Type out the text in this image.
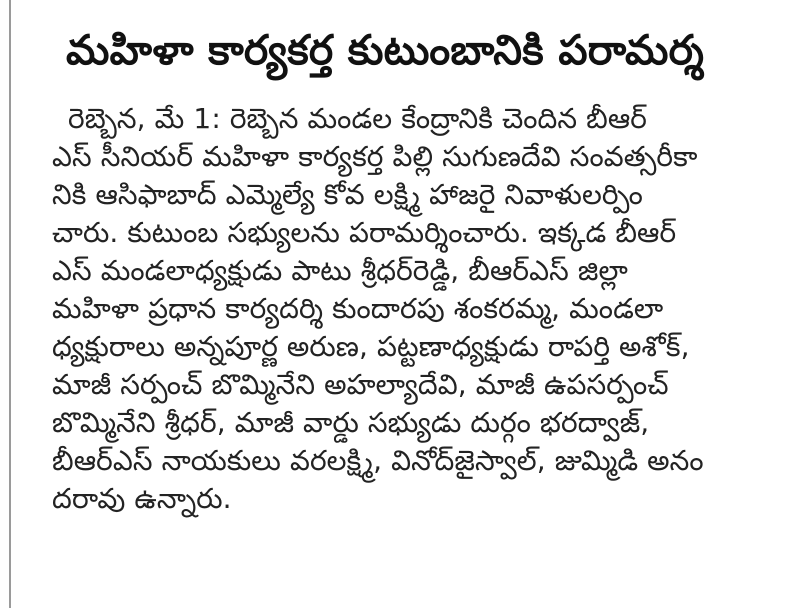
మహిళా కార్యకర్త కుటుంబానికి పరామర్శ
రెబ్బెన, మే 1: రెబ్బెన మండల కేంద్రానికి చెందిన బీఆర్
ఎస్ సీనియర్ మహిళా కార్యకర్త పిల్లి సుగుణదేవి సంవత్సరీకా
నికి ఆసిఫాబాద్ ఎమ్మెల్యే కోవ లక్ష్మి హాజరై నివాళులర్పిం
చారు. కుటుంబ సభ్యులను పరామర్శించారు. ఇక్కడ బీఆర్
ఎస్ మండలాధ్యక్షుడు పాటు శ్రీధర్‌రెడ్డి, బీఆర్‌ఎస్ జిల్లా
మహిళా ప్రధాన కార్యదర్శి కుందారపు శంకరమ్మ, మండలా
ధ్యక్షురాలు అన్నపూర్ణ అరుణ, పట్టణాధ్యక్షుడు రాపర్తి అశోక్,
మాజీ సర్పంచ్ బొమ్మినేని అహల్యాదేవి, మాజీ ఉపసర్పంచ్
బొమ్మినేని శ్రీధర్, మాజీ వార్డు సభ్యుడు దుర్గం భరద్వాజ్,
బీఆర్‌ఎస్ నాయకులు వరలక్ష్మి, వినోద్‌జైస్వాల్, జుమ్మిడి అనం
దరావు ఉన్నారు.
